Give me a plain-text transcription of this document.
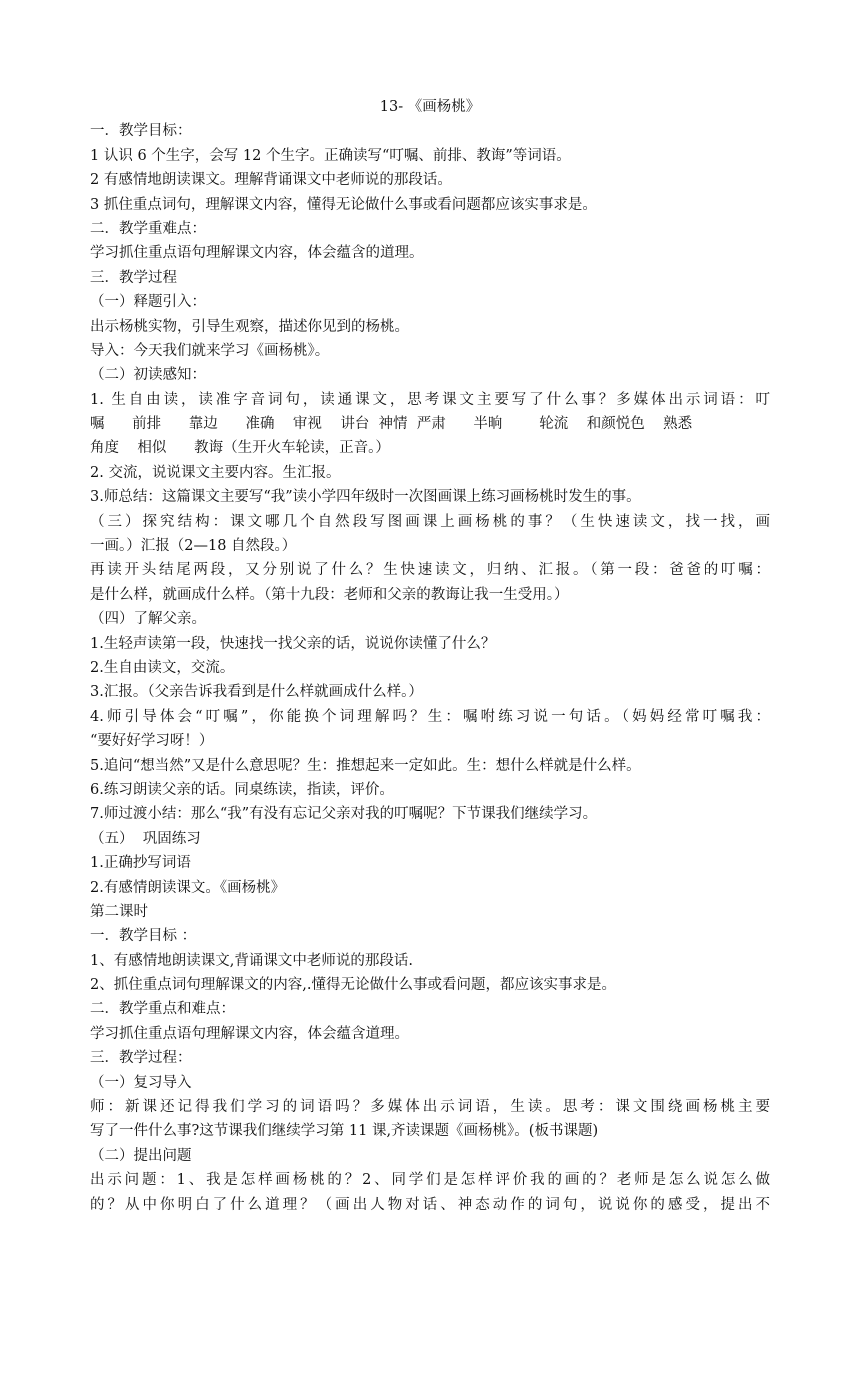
13- 《画杨桃》
一．教学目标：
1 认识 6 个生字，会写 12 个生字。正确读写“叮嘱、前排、教诲”等词语。
2 有感情地朗读课文。理解背诵课文中老师说的那段话。
3 抓住重点词句，理解课文内容，懂得无论做什么事或看问题都应该实事求是。
二．教学重难点：
学习抓住重点语句理解课文内容，体会蕴含的道理。
三．教学过程
（一）释题引入：
出示杨桃实物，引导生观察，描述你见到的杨桃。
导入：今天我们就来学习《画杨桃》。
（二）初读感知：
1. 生自由读，读准字音词句，读通课文，思考课文主要写了什么事？多媒体出示词语：叮
嘱      前排      靠边      准确    审视    讲台  神情  严肃      半晌        轮流    和颜悦色    熟悉
角度    相似      教诲（生开火车轮读，正音。）
2. 交流，说说课文主要内容。生汇报。
3.师总结：这篇课文主要写“我”读小学四年级时一次图画课上练习画杨桃时发生的事。
（三）探究结构：课文哪几个自然段写图画课上画杨桃的事？（生快速读文，找一找，画
一画。）汇报（2—18 自然段。）
再读开头结尾两段，又分别说了什么？生快速读文，归纳、汇报。（第一段：爸爸的叮嘱：
是什么样，就画成什么样。（第十九段：老师和父亲的教诲让我一生受用。）
（四）了解父亲。
1.生轻声读第一段，快速找一找父亲的话，说说你读懂了什么？
2.生自由读文，交流。
3.汇报。（父亲告诉我看到是什么样就画成什么样。）
4.师引导体会“叮嘱”，你能换个词理解吗？生：嘱咐练习说一句话。（妈妈经常叮嘱我：
“要好好学习呀！）
5.追问“想当然”又是什么意思呢？生：推想起来一定如此。生：想什么样就是什么样。
6.练习朗读父亲的话。同桌练读，指读，评价。
7.师过渡小结：那么“我”有没有忘记父亲对我的叮嘱呢？下节课我们继续学习。
（五）  巩固练习
1.正确抄写词语
2.有感情朗读课文。《画杨桃》
第二课时
一．教学目标 ：
1、有感情地朗读课文,背诵课文中老师说的那段话.
2、抓住重点词句理解课文的内容,.懂得无论做什么事或看问题，都应该实事求是。
二．教学重点和难点：
学习抓住重点语句理解课文内容，体会蕴含道理。
三．教学过程：
（一）复习导入
师：新课还记得我们学习的词语吗？多媒体出示词语，生读。思考：课文围绕画杨桃主要
写了一件什么事?这节课我们继续学习第 11 课,齐读课题《画杨桃》。(板书课题)
（二）提出问题
出示问题：1、我是怎样画杨桃的？2、同学们是怎样评价我的画的？老师是怎么说怎么做
的？从中你明白了什么道理？（画出人物对话、神态动作的词句，说说你的感受，提出不
